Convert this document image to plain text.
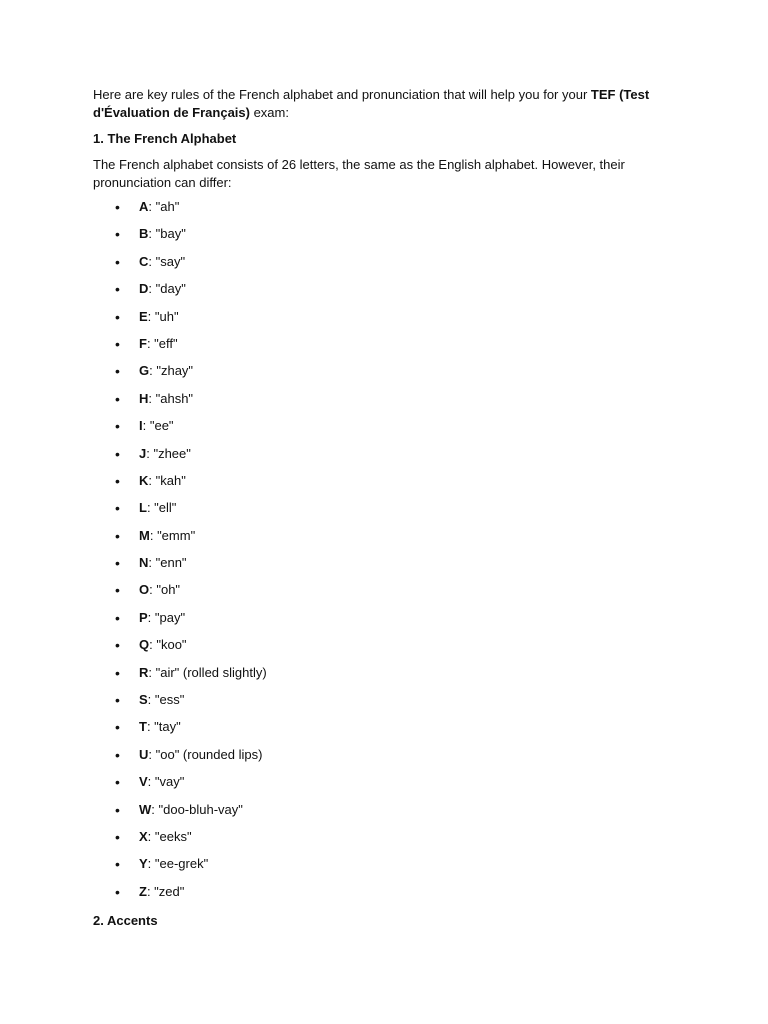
Here are key rules of the French alphabet and pronunciation that will help you for your TEF (Test d'Évaluation de Français) exam:

1. The French Alphabet

The French alphabet consists of 26 letters, the same as the English alphabet. However, their pronunciation can differ:

• A: "ah"
• B: "bay"
• C: "say"
• D: "day"
• E: "uh"
• F: "eff"
• G: "zhay"
• H: "ahsh"
• I: "ee"
• J: "zhee"
• K: "kah"
• L: "ell"
• M: "emm"
• N: "enn"
• O: "oh"
• P: "pay"
• Q: "koo"
• R: "air" (rolled slightly)
• S: "ess"
• T: "tay"
• U: "oo" (rounded lips)
• V: "vay"
• W: "doo-bluh-vay"
• X: "eeks"
• Y: "ee-grek"
• Z: "zed"

2. Accents
